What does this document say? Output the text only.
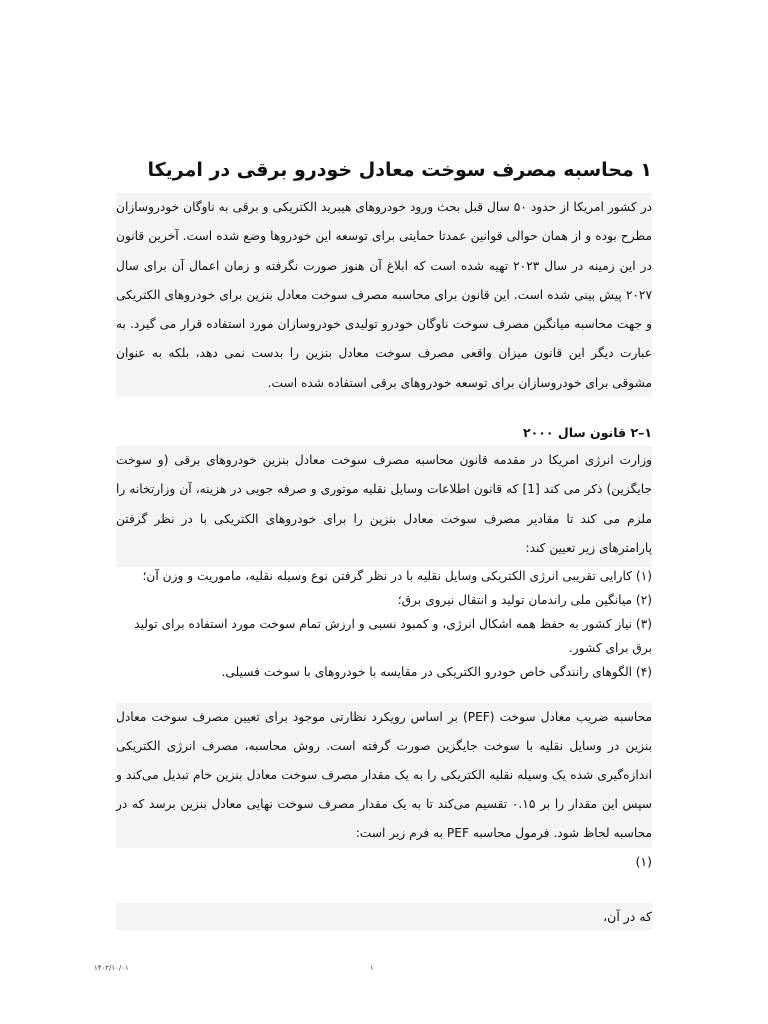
۱ محاسبه مصرف سوخت معادل خودرو برقی در امریکا
در کشور امریکا از حدود ۵۰ سال قبل بحث ورود خودروهای هیبرید الکتریکی و برقی به ناوگان خودروسازان مطرح بوده و از همان حوالی قوانین عمدتا حمایتی برای توسعه این خودروها وضع شده است. آخرین قانون در این زمینه در سال ۲۰۲۳ تهیه شده است که ابلاغ آن هنوز صورت نگرفته و زمان اعمال آن برای سال ۲۰۲۷ پیش بینی شده است. این قانون برای محاسبه مصرف سوخت معادل بنزین برای خودروهای الکتریکی و جهت محاسبه میانگین مصرف سوخت ناوگان خودرو تولیدی خودروسازان مورد استفاده قرار می گیرد. به عبارت دیگر این قانون میزان واقعی مصرف سوخت معادل بنزین را بدست نمی دهد، بلکه به عنوان مشوقی برای خودروسازان برای توسعه خودروهای برقی استفاده شده است.
۱–۲ قانون سال ۲۰۰۰
وزارت انرژی امریکا در مقدمه قانون محاسبه مصرف سوخت معادل بنزین خودروهای برقی (و سوخت جایگزین) ذکر می کند [1] که قانون اطلاعات وسایل نقلیه موتوری و صرفه جویی در هزینه، آن وزارتخانه را ملزم می کند تا مقادیر مصرف سوخت معادل بنزین را برای خودروهای الکتریکی با در نظر گرفتن پارامترهای زیر تعیین کند:
(۱) کارایی تقریبی انرژی الکتریکی وسایل نقلیه با در نظر گرفتن نوع وسیله نقلیه، ماموریت و وزن آن؛
(۲) میانگین ملی راندمان تولید و انتقال نیروی برق؛
(۳) نیاز کشور به حفظ همه اشکال انرژی، و کمبود نسبی و ارزش تمام سوخت مورد استفاده برای تولید برق برای کشور.
(۴) الگوهای رانندگی خاص خودرو الکتریکی در مقایسه با خودروهای با سوخت فسیلی.
محاسبه ضریب معادل سوخت (PEF) بر اساس رویکرد نظارتی موجود برای تعیین مصرف سوخت معادل بنزین در وسایل نقلیه با سوخت جایگزین صورت گرفته است. روش محاسبه، مصرف انرژی الکتریکی اندازه‌گیری شده یک وسیله نقلیه الکتریکی را به یک مقدار مصرف سوخت معادل بنزین خام تبدیل می‌کند و سپس این مقدار را بر ۰.۱۵ تقسیم می‌کند تا به یک مقدار مصرف سوخت نهایی معادل بنزین برسد که در محاسبه لحاظ شود. فرمول محاسبه PEF به فرم زیر است:
(۱)
که در آن،
۱۴۰۲/۱۰/۰۱	۱
